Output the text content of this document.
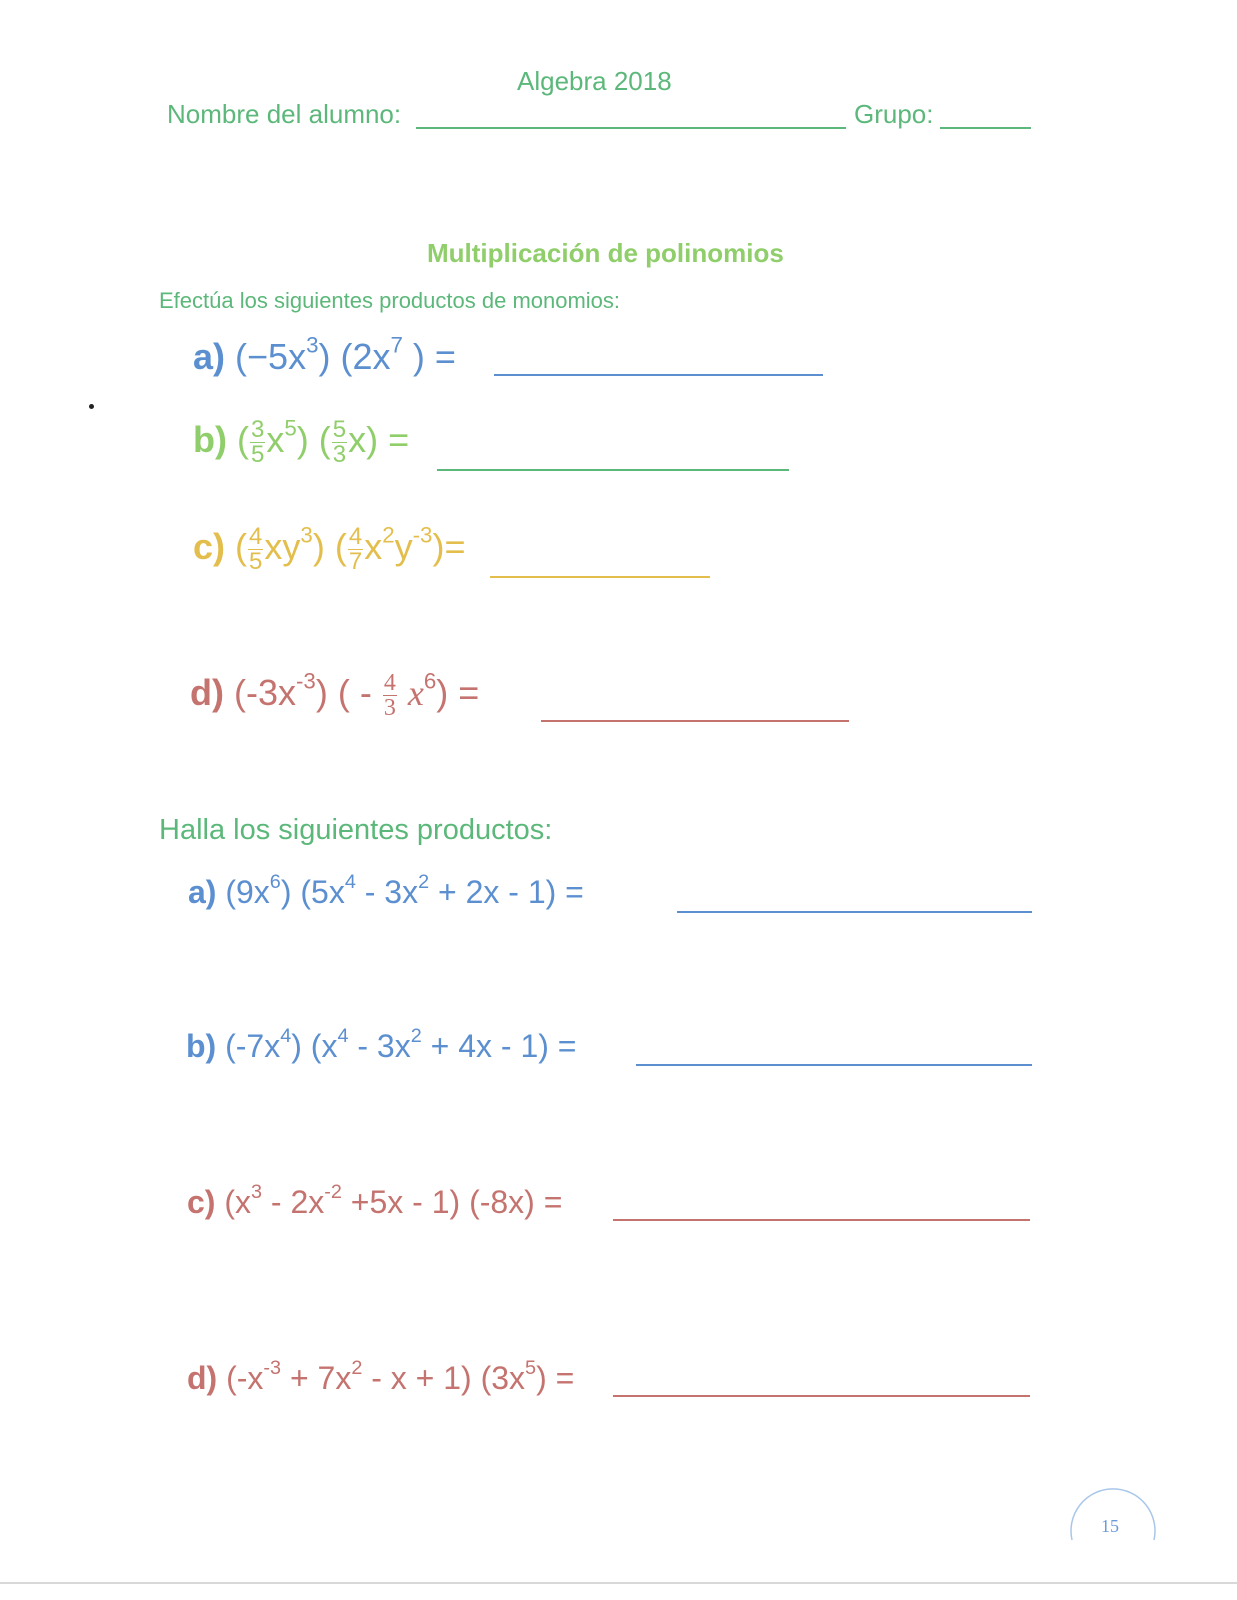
Algebra 2018
Nombre del alumno:	Grupo:
Multiplicación de polinomios
Efectúa los siguientes productos de monomios:
a) $(-5x^3)$ ($2x^7$ ) =
b) ( $\frac{3}{5} x^5$) ( $\frac{5}{3} x$) =
c) ( $\frac{4}{5} xy^3$) ( $\frac{4}{7} x^2y^{-3})=$
d) $(-3x^{-3})$ ( - $\frac{4}{3} x^6$) =
Halla los siguientes productos:
a) $(9x^6)$ $(5x^4 - 3x^2 + 2x - 1)$ =
b) $(-7x^4)$ $(x^4 - 3x^2 + 4x - 1)$ =
c) $(x^3 - 2x^{-2} +5x - 1) (-8x)$ =
d) $(-x^{-3} + 7x^2 - x + 1) (3x^5)$ =
15
